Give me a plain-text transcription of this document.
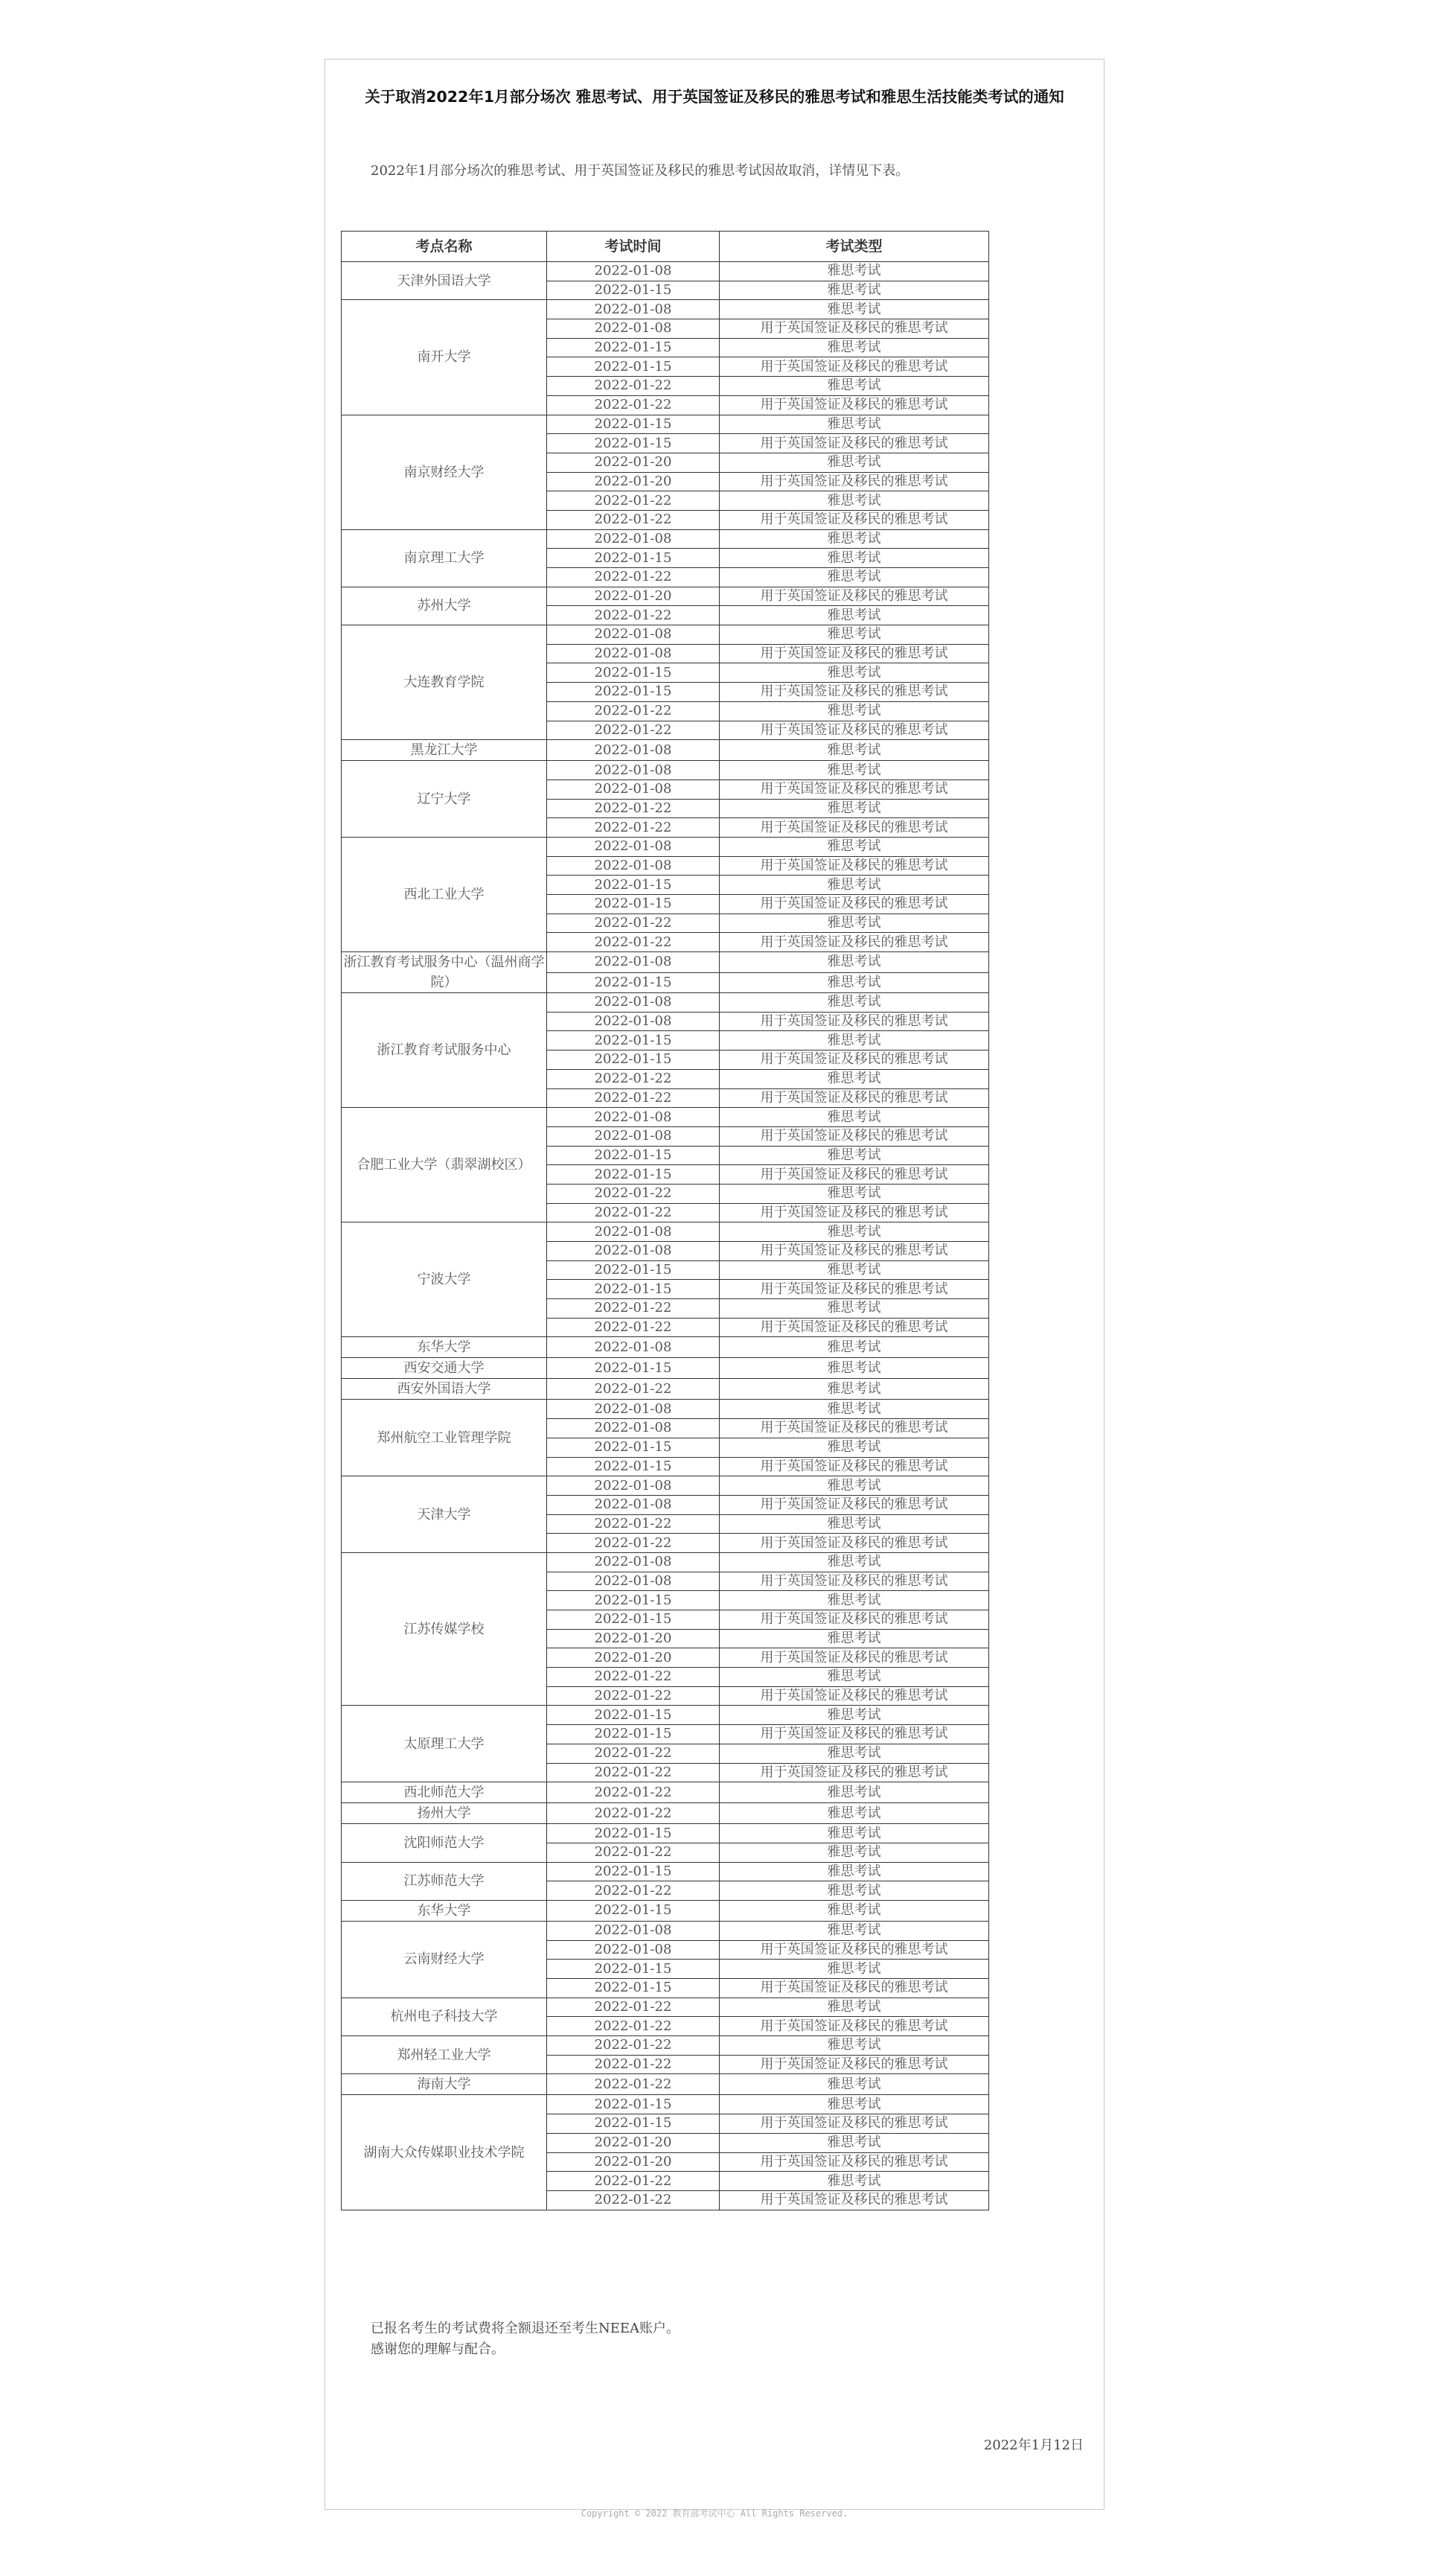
关于取消2022年1月部分场次 雅思考试、用于英国签证及移民的雅思考试和雅思生活技能类考试的通知

2022年1月部分场次的雅思考试、用于英国签证及移民的雅思考试因故取消，详情见下表。

考点名称	考试时间	考试类型
天津外国语大学	2022-01-08	雅思考试
	2022-01-15	雅思考试
南开大学	2022-01-08	雅思考试
	2022-01-08	用于英国签证及移民的雅思考试
	2022-01-15	雅思考试
	2022-01-15	用于英国签证及移民的雅思考试
	2022-01-22	雅思考试
	2022-01-22	用于英国签证及移民的雅思考试
南京财经大学	2022-01-15	雅思考试
	2022-01-15	用于英国签证及移民的雅思考试
	2022-01-20	雅思考试
	2022-01-20	用于英国签证及移民的雅思考试
	2022-01-22	雅思考试
	2022-01-22	用于英国签证及移民的雅思考试
南京理工大学	2022-01-08	雅思考试
	2022-01-15	雅思考试
	2022-01-22	雅思考试
苏州大学	2022-01-20	用于英国签证及移民的雅思考试
	2022-01-22	雅思考试
大连教育学院	2022-01-08	雅思考试
	2022-01-08	用于英国签证及移民的雅思考试
	2022-01-15	雅思考试
	2022-01-15	用于英国签证及移民的雅思考试
	2022-01-22	雅思考试
	2022-01-22	用于英国签证及移民的雅思考试
黑龙江大学	2022-01-08	雅思考试
辽宁大学	2022-01-08	雅思考试
	2022-01-08	用于英国签证及移民的雅思考试
	2022-01-22	雅思考试
	2022-01-22	用于英国签证及移民的雅思考试
西北工业大学	2022-01-08	雅思考试
	2022-01-08	用于英国签证及移民的雅思考试
	2022-01-15	雅思考试
	2022-01-15	用于英国签证及移民的雅思考试
	2022-01-22	雅思考试
	2022-01-22	用于英国签证及移民的雅思考试
浙江教育考试服务中心（温州商学院）	2022-01-08	雅思考试
	2022-01-15	雅思考试
浙江教育考试服务中心	2022-01-08	雅思考试
	2022-01-08	用于英国签证及移民的雅思考试
	2022-01-15	雅思考试
	2022-01-15	用于英国签证及移民的雅思考试
	2022-01-22	雅思考试
	2022-01-22	用于英国签证及移民的雅思考试
合肥工业大学（翡翠湖校区）	2022-01-08	雅思考试
	2022-01-08	用于英国签证及移民的雅思考试
	2022-01-15	雅思考试
	2022-01-15	用于英国签证及移民的雅思考试
	2022-01-22	雅思考试
	2022-01-22	用于英国签证及移民的雅思考试
宁波大学	2022-01-08	雅思考试
	2022-01-08	用于英国签证及移民的雅思考试
	2022-01-15	雅思考试
	2022-01-15	用于英国签证及移民的雅思考试
	2022-01-22	雅思考试
	2022-01-22	用于英国签证及移民的雅思考试
东华大学	2022-01-08	雅思考试
西安交通大学	2022-01-15	雅思考试
西安外国语大学	2022-01-22	雅思考试
郑州航空工业管理学院	2022-01-08	雅思考试
	2022-01-08	用于英国签证及移民的雅思考试
	2022-01-15	雅思考试
	2022-01-15	用于英国签证及移民的雅思考试
天津大学	2022-01-08	雅思考试
	2022-01-08	用于英国签证及移民的雅思考试
	2022-01-22	雅思考试
	2022-01-22	用于英国签证及移民的雅思考试
江苏传媒学校	2022-01-08	雅思考试
	2022-01-08	用于英国签证及移民的雅思考试
	2022-01-15	雅思考试
	2022-01-15	用于英国签证及移民的雅思考试
	2022-01-20	雅思考试
	2022-01-20	用于英国签证及移民的雅思考试
	2022-01-22	雅思考试
	2022-01-22	用于英国签证及移民的雅思考试
太原理工大学	2022-01-15	雅思考试
	2022-01-15	用于英国签证及移民的雅思考试
	2022-01-22	雅思考试
	2022-01-22	用于英国签证及移民的雅思考试
西北师范大学	2022-01-22	雅思考试
扬州大学	2022-01-22	雅思考试
沈阳师范大学	2022-01-15	雅思考试
	2022-01-22	雅思考试
江苏师范大学	2022-01-15	雅思考试
	2022-01-22	雅思考试
东华大学	2022-01-15	雅思考试
云南财经大学	2022-01-08	雅思考试
	2022-01-08	用于英国签证及移民的雅思考试
	2022-01-15	雅思考试
	2022-01-15	用于英国签证及移民的雅思考试
杭州电子科技大学	2022-01-22	雅思考试
	2022-01-22	用于英国签证及移民的雅思考试
郑州轻工业大学	2022-01-22	雅思考试
	2022-01-22	用于英国签证及移民的雅思考试
海南大学	2022-01-22	雅思考试
湖南大众传媒职业技术学院	2022-01-15	雅思考试
	2022-01-15	用于英国签证及移民的雅思考试
	2022-01-20	雅思考试
	2022-01-20	用于英国签证及移民的雅思考试
	2022-01-22	雅思考试
	2022-01-22	用于英国签证及移民的雅思考试

已报名考生的考试费将全额退还至考生NEEA账户。

感谢您的理解与配合。

2022年1月12日

Copyright © 2022 教育部考试中心 All Rights Reserved.
